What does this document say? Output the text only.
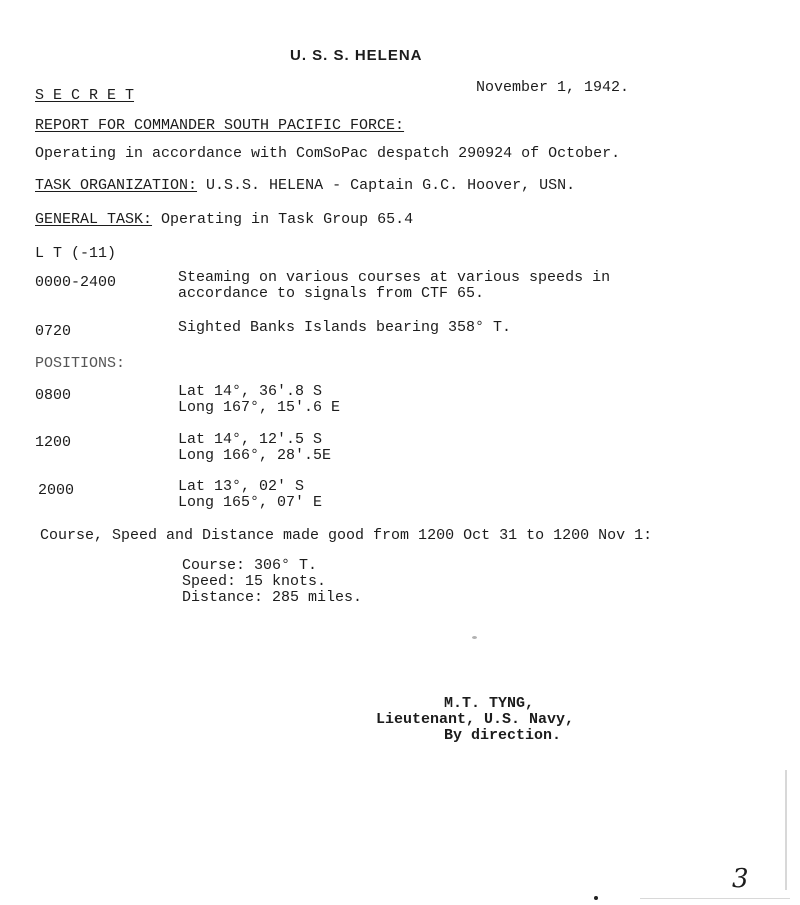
U. S. S. HELENA
S E C R E T	November 1, 1942.
REPORT FOR COMMANDER SOUTH PACIFIC FORCE:
Operating in accordance with ComSoPac despatch 290924 of October.
TASK ORGANIZATION: U.S.S. HELENA - Captain G.C. Hoover, USN.
GENERAL TASK: Operating in Task Group 65.4
L T (-11)
0000-2400	Steaming on various courses at various speeds in
accordance to signals from CTF 65.
0720	Sighted Banks Islands bearing 358° T.
POSITIONS:
0800	Lat 14°, 36'.8 S
Long 167°, 15'.6 E
1200	Lat 14°, 12'.5 S
Long 166°, 28'.5E
2000	Lat 13°, 02' S
Long 165°, 07' E
Course, Speed and Distance made good from 1200 Oct 31 to 1200 Nov 1:
Course: 306° T.
Speed: 15 knots.
Distance: 285 miles.
M.T. TYNG,
Lieutenant, U.S. Navy,
By direction.
3
